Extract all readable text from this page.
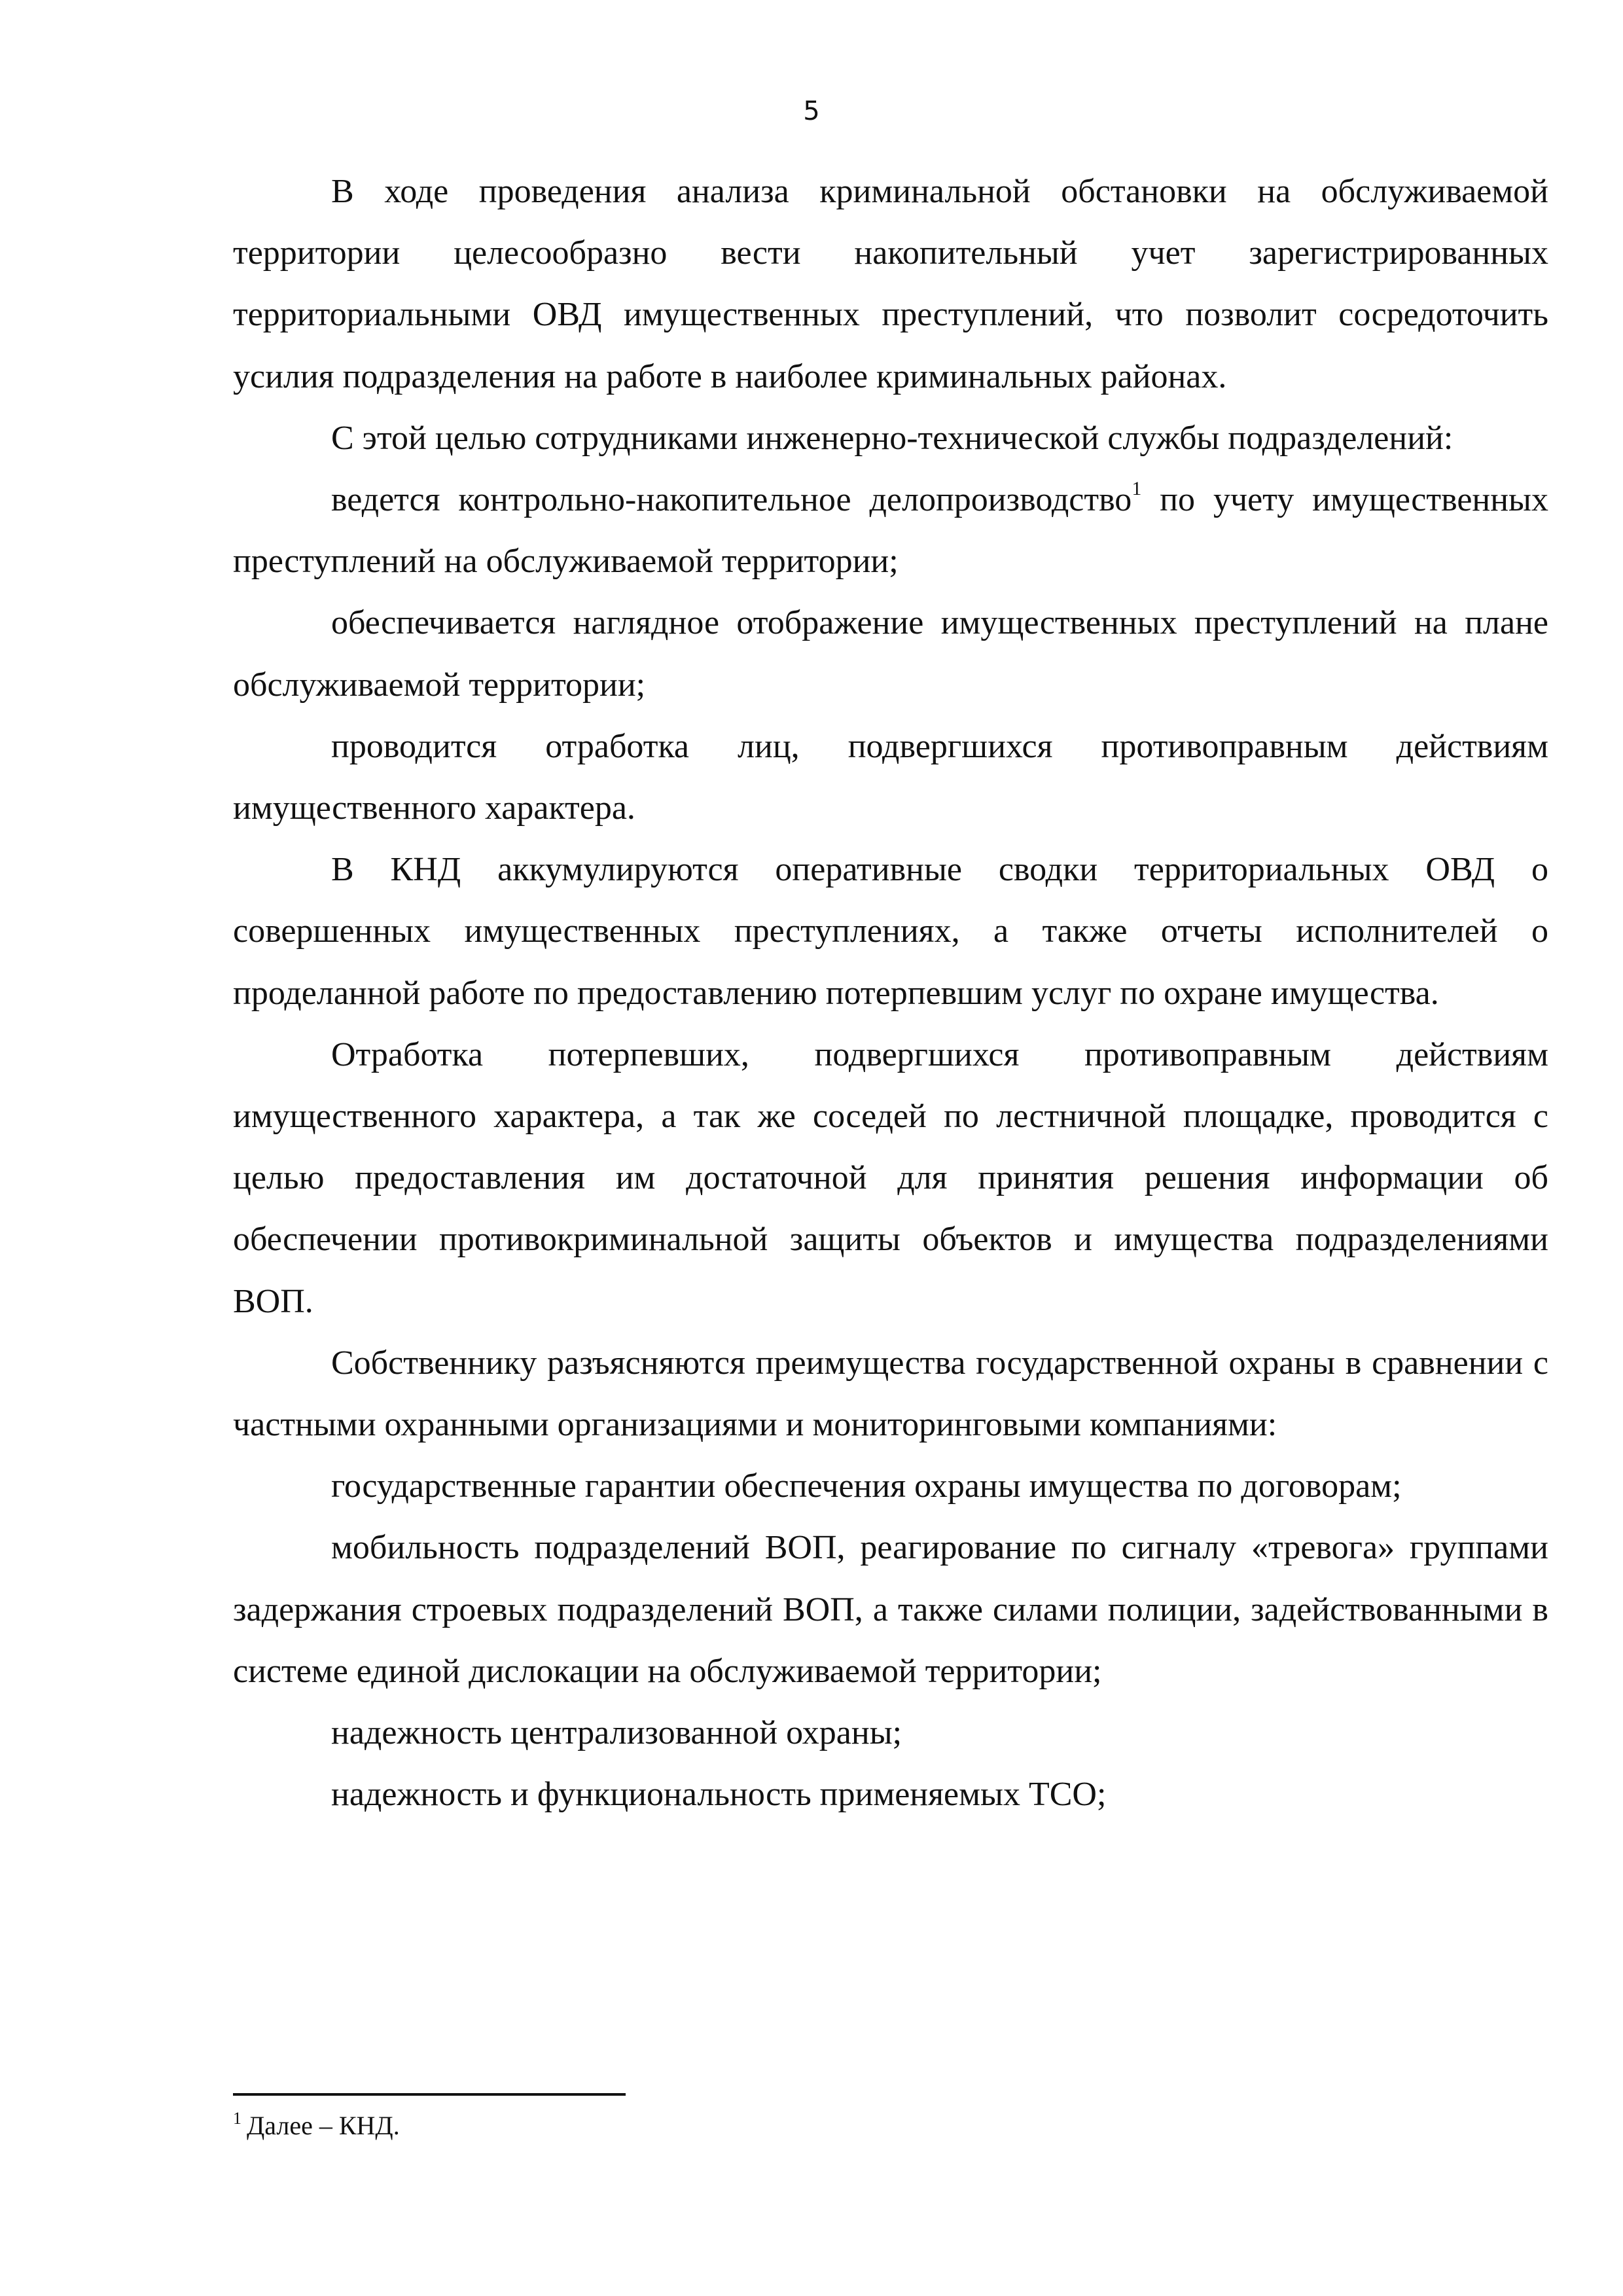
5

В ходе проведения анализа криминальной обстановки на обслуживаемой территории целесообразно вести накопительный учет зарегистрированных территориальными ОВД имущественных преступлений, что позволит сосредоточить усилия подразделения на работе в наиболее криминальных районах.

С этой целью сотрудниками инженерно-технической службы подразделений:

ведется контрольно-накопительное делопроизводство$^1$ по учету имущественных преступлений на обслуживаемой территории;

обеспечивается наглядное отображение имущественных преступлений на плане обслуживаемой территории;

проводится отработка лиц, подвергшихся противоправным действиям имущественного характера.

В КНД аккумулируются оперативные сводки территориальных ОВД о совершенных имущественных преступлениях, а также отчеты исполнителей о проделанной работе по предоставлению потерпевшим услуг по охране имущества.

Отработка потерпевших, подвергшихся противоправным действиям имущественного характера, а так же соседей по лестничной площадке, проводится с целью предоставления им достаточной для принятия решения информации об обеспечении противокриминальной защиты объектов и имущества подразделениями ВОП.

Собственнику разъясняются преимущества государственной охраны в сравнении с частными охранными организациями и мониторинговыми компаниями:

государственные гарантии обеспечения охраны имущества по договорам;

мобильность подразделений ВОП, реагирование по сигналу «тревога» группами задержания строевых подразделений ВОП, а также силами полиции, задействованными в системе единой дислокации на обслуживаемой территории;

надежность централизованной охраны;

надежность и функциональность применяемых ТСО;

$^1$ Далее – КНД.
